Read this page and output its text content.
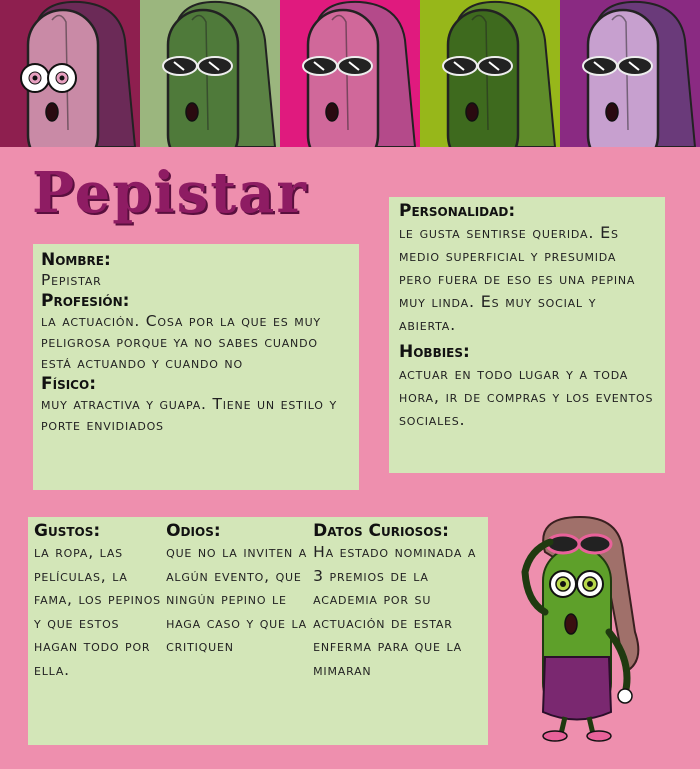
Pepistar
Nombre:
Pepistar
Profesión:
la actuación. Cosa por la que es muy peligrosa porque ya no sabes cuando está actuando y cuando no
Físico:
muy atractiva y guapa. Tiene un estilo y porte envidiados
Personalidad:
le gusta sentirse querida. Es medio superficial y presumida pero fuera de eso es una pepina muy linda. Es muy social y abierta.
Hobbies:
actuar en todo lugar y a toda hora, ir de compras y los eventos sociales.
Gustos:
la ropa, las películas, la fama, los pepinos y que estos hagan todo por ella.
Odios:
que no la inviten a algún evento, que ningún pepino le haga caso y que la critiquen
Datos Curiosos:
Ha estado nominada a 3 premios de la academia por su actuación de estar enferma para que la mimaran
